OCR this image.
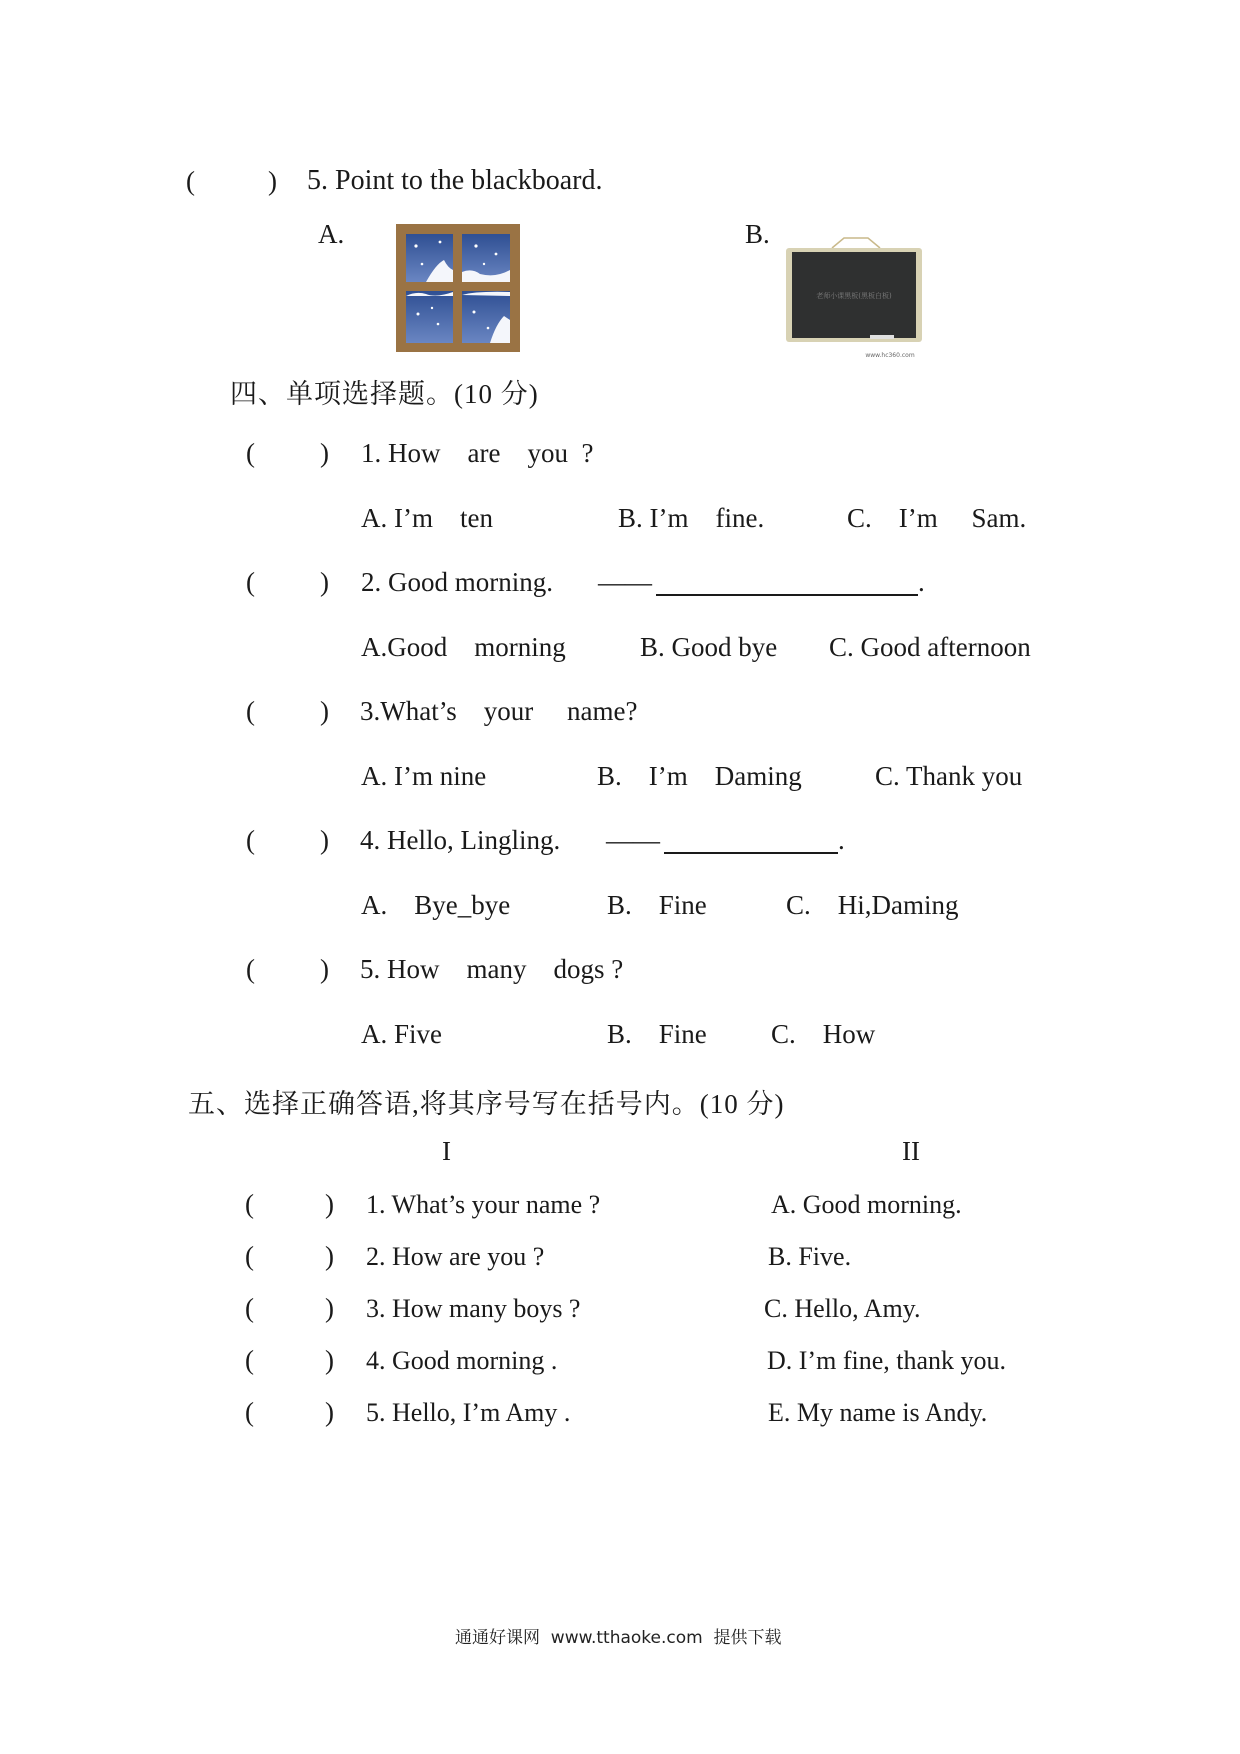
(	) 5. Point to the blackboard.
A.	B.
老师小课黑板(黑板白板)
www.hc360.com
四、单项选择题。(10 分)
( ) 1. How    are    you  ?
A. I’m    ten	B. I’m    fine.	C.    I’m     Sam.
( ) 2. Good morning. ——	.
A.Good    morning	B. Good bye C. Good afternoon
( ) 3.What’s    your     name?
A. I’m nine	B.    I’m    Daming	C. Thank you
( ) 4. Hello, Lingling. ——	.
A.    Bye_bye	B.    Fine	C.    Hi,Daming
( ) 5. How    many    dogs ?
A. Five	B.    Fine C.    How
五、选择正确答语,将其序号写在括号内。(10 分)
I	II
(	) 1. What’s your name ?	A. Good morning.
(	) 2. How are you ?	B. Five.
(	) 3. How many boys ?	C. Hello, Amy.
(	) 4. Good morning .	D. I’m fine, thank you.
(	) 5. Hello, I’m Amy .	E. My name is Andy.
通通好课网  www.tthaoke.com  提供下载
